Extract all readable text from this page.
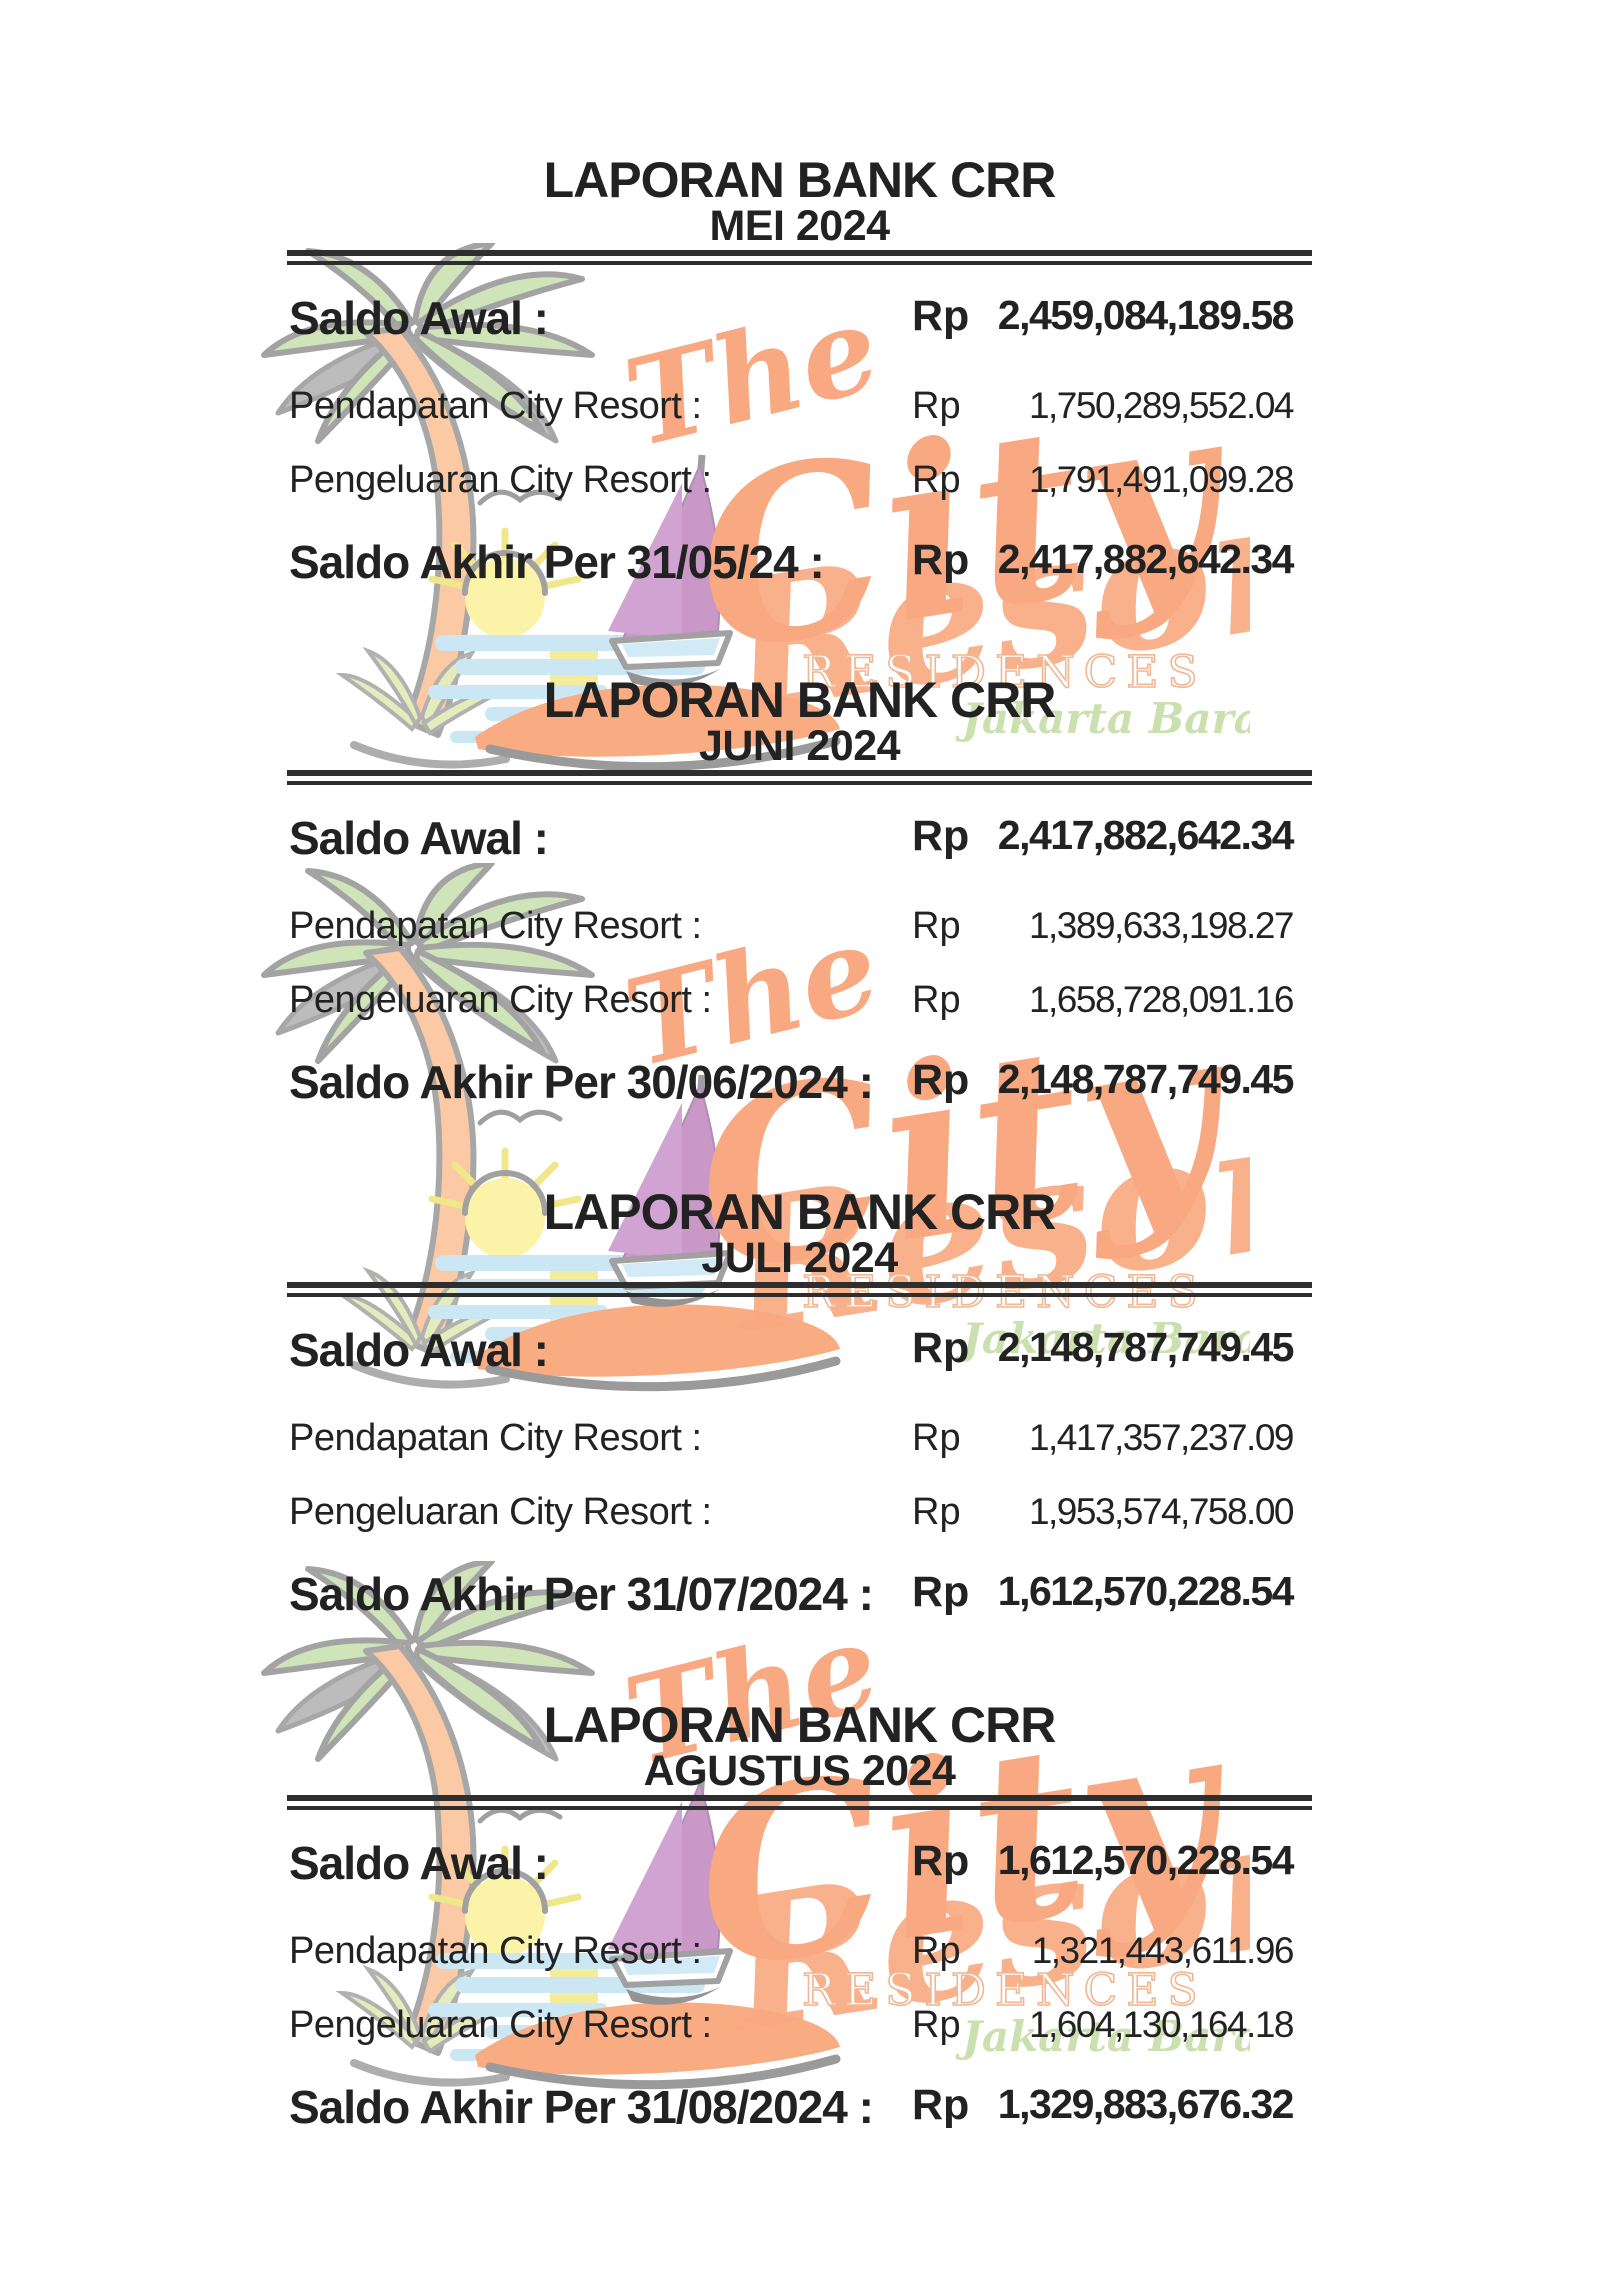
LAPORAN BANK CRR
MEI 2024
Saldo Awal :	Rp 2,459,084,189.58
Pendapatan City Resort :	Rp	1,750,289,552.04
Pengeluaran City Resort :	Rp	1,791,491,099.28
Saldo Akhir Per 31/05/24 : Rp 2,417,882,642.34
LAPORAN BANK CRR
JUNI 2024
Saldo Awal :	Rp 2,417,882,642.34
Pendapatan City Resort :	Rp	1,389,633,198.27
Pengeluaran City Resort :	Rp	1,658,728,091.16
Saldo Akhir Per 30/06/2024 : Rp 2,148,787,749.45
LAPORAN BANK CRR
JULI 2024
Saldo Awal :	Rp 2,148,787,749.45
Pendapatan City Resort :	Rp	1,417,357,237.09
Pengeluaran City Resort :	Rp	1,953,574,758.00
Saldo Akhir Per 31/07/2024 : Rp 1,612,570,228.54
LAPORAN BANK CRR
AGUSTUS 2024
Saldo Awal :	Rp 1,612,570,228.54
Pendapatan City Resort :	Rp	1,321,443,611.96
Pengeluaran City Resort :	Rp	1,604,130,164.18
Saldo Akhir Per 31/08/2024 : Rp 1,329,883,676.32
